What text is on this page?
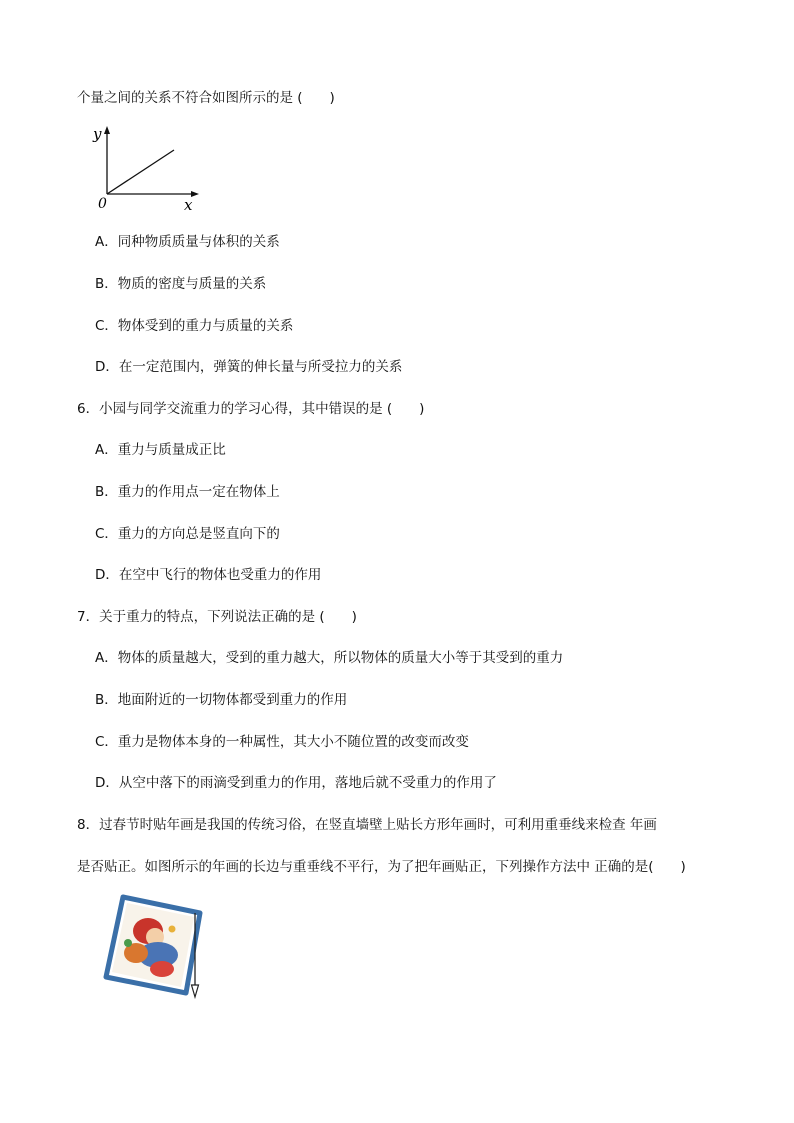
个量之间的关系不符合如图所示的是 (　　)
y
x
0
A．同种物质质量与体积的关系
B．物质的密度与质量的关系
C．物体受到的重力与质量的关系
D．在一定范围内，弹簧的伸长量与所受拉力的关系
6．小园与同学交流重力的学习心得，其中错误的是 (　　)
A．重力与质量成正比
B．重力的作用点一定在物体上
C．重力的方向总是竖直向下的
D．在空中飞行的物体也受重力的作用
7．关于重力的特点，下列说法正确的是 (　　)
A．物体的质量越大，受到的重力越大，所以物体的质量大小等于其受到的重力
B．地面附近的一切物体都受到重力的作用
C．重力是物体本身的一种属性，其大小不随位置的改变而改变
D．从空中落下的雨滴受到重力的作用，落地后就不受重力的作用了
8．过春节时贴年画是我国的传统习俗，在竖直墙壁上贴长方形年画时，可利用重垂线来检查 年画
是否贴正。如图所示的年画的长边与重垂线不平行，为了把年画贴正，下列操作方法中 正确的是(　　)
